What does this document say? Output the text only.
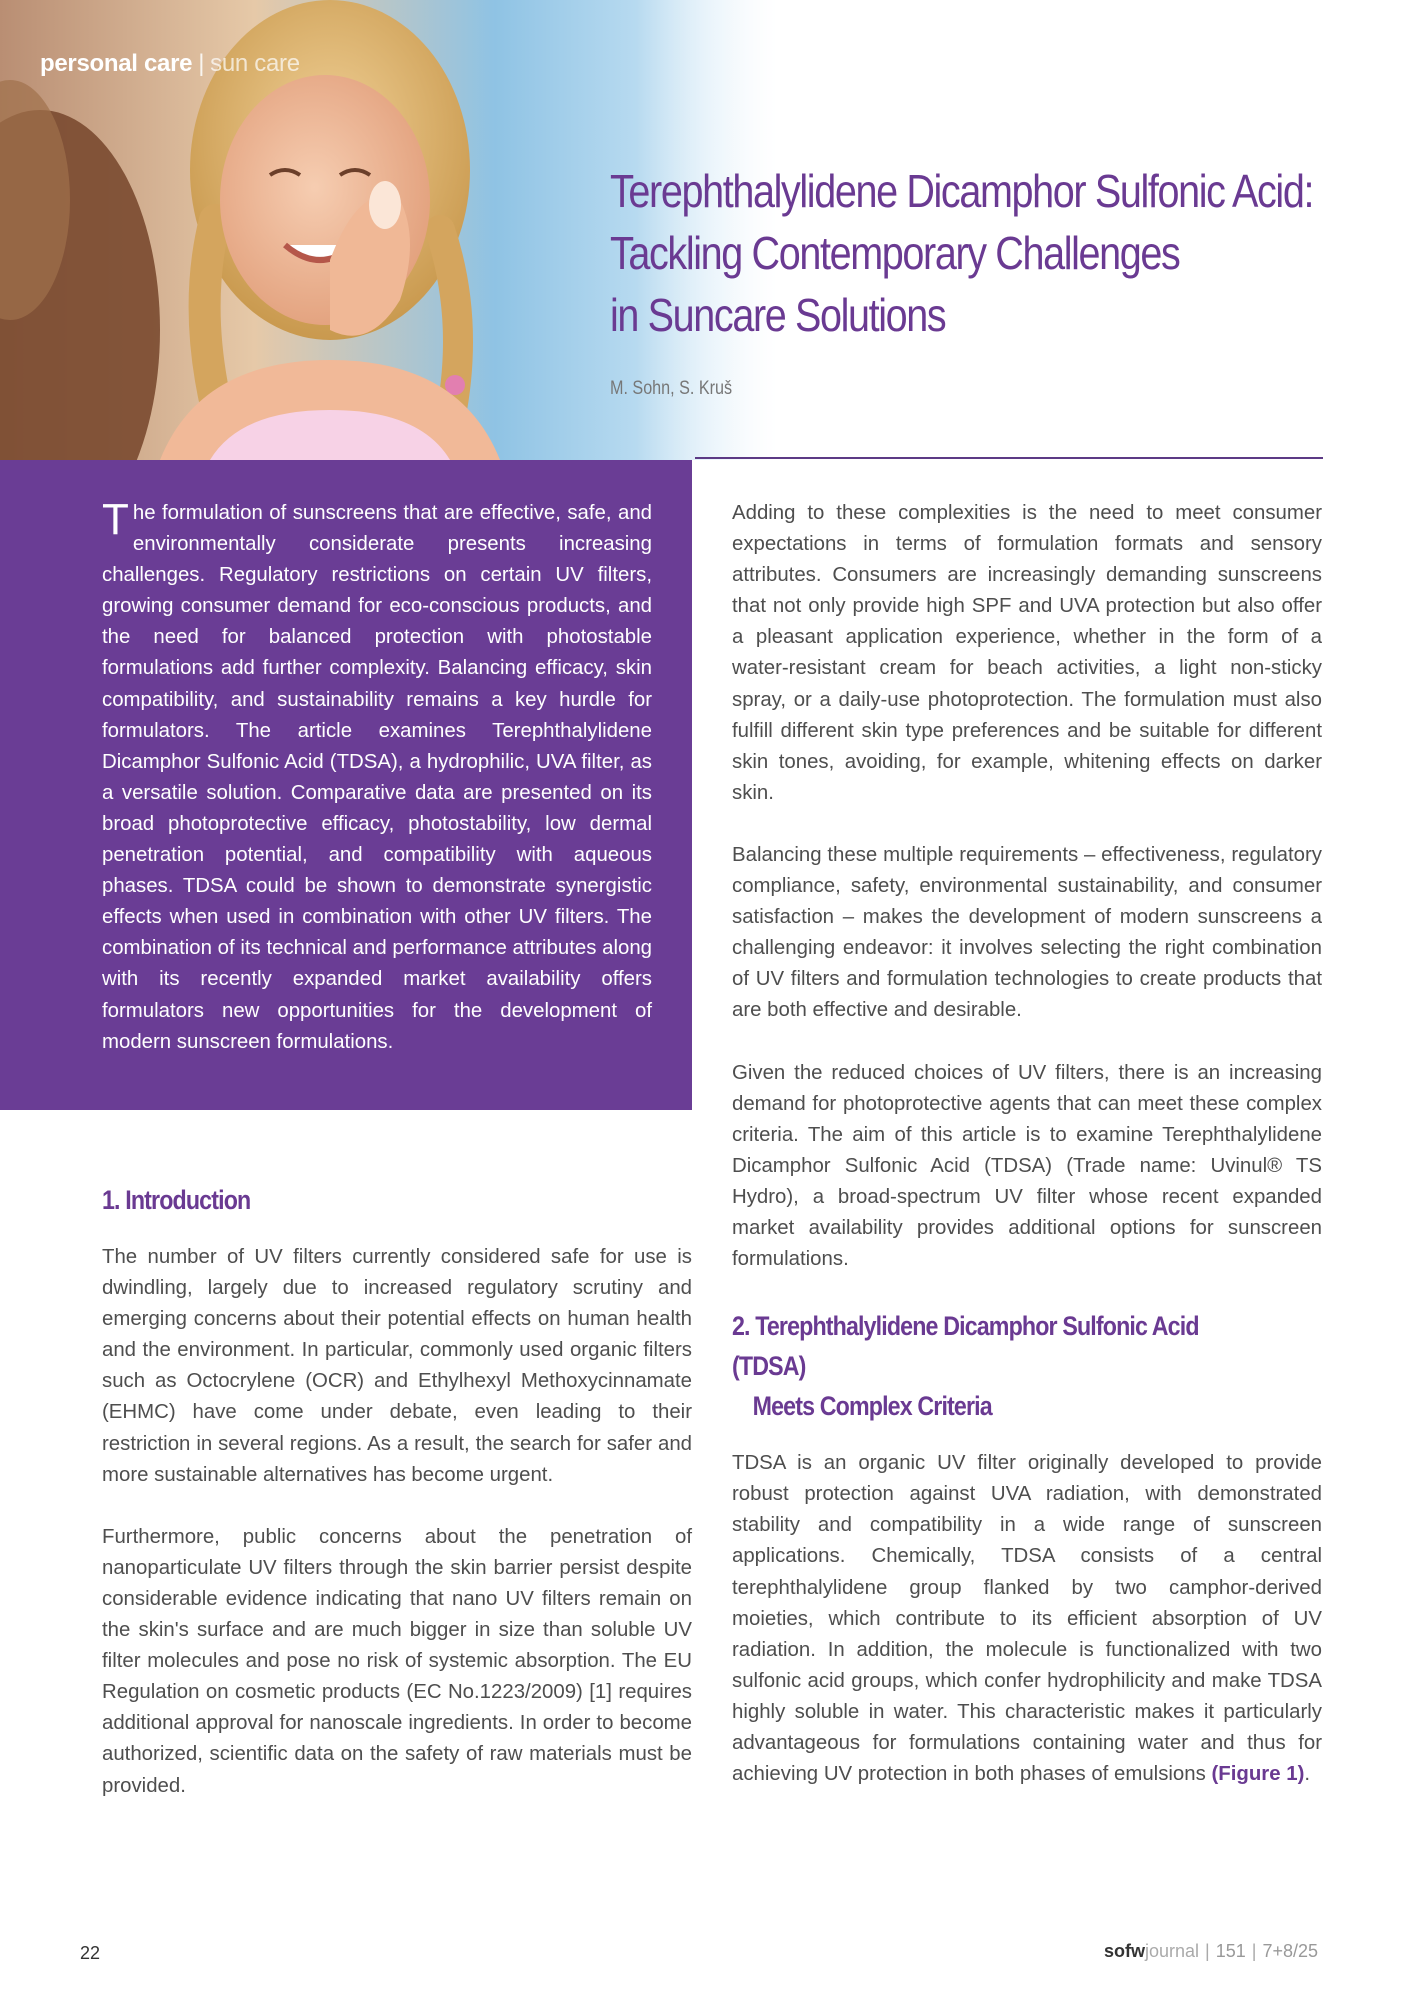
personal care | sun care
Terephthalylidene Dicamphor Sulfonic Acid:
Tackling Contemporary Challenges
in Suncare Solutions
M. Sohn, S. Kruš

The formulation of sunscreens that are effective, safe, and environmentally considerate presents increasing challenges. Regulatory restrictions on certain UV filters, growing consumer demand for eco-conscious products, and the need for balanced protection with photostable formulations add further complexity. Balancing efficacy, skin compatibility, and sustainability remains a key hurdle for formulators. The article examines Terephthalylidene Dicamphor Sulfonic Acid (TDSA), a hydrophilic, UVA filter, as a versatile solution. Comparative data are presented on its broad photoprotective efficacy, photostability, low dermal penetration potential, and compatibility with aqueous phases. TDSA could be shown to demonstrate synergistic effects when used in combination with other UV filters. The combination of its technical and performance attributes along with its recently expanded market availability offers formulators new opportunities for the development of modern sunscreen formulations.

1. Introduction

The number of UV filters currently considered safe for use is dwindling, largely due to increased regulatory scrutiny and emerging concerns about their potential effects on human health and the environment. In particular, commonly used organic filters such as Octocrylene (OCR) and Ethylhexyl Methoxycinnamate (EHMC) have come under debate, even leading to their restriction in several regions. As a result, the search for safer and more sustainable alternatives has become urgent.

Furthermore, public concerns about the penetration of nanoparticulate UV filters through the skin barrier persist despite considerable evidence indicating that nano UV filters remain on the skin's surface and are much bigger in size than soluble UV filter molecules and pose no risk of systemic absorption. The EU Regulation on cosmetic products (EC No.1223/2009) [1] requires additional approval for nanoscale ingredients. In order to become authorized, scientific data on the safety of raw materials must be provided.

Adding to these complexities is the need to meet consumer expectations in terms of formulation formats and sensory attributes. Consumers are increasingly demanding sunscreens that not only provide high SPF and UVA protection but also offer a pleasant application experience, whether in the form of a water-resistant cream for beach activities, a light non-sticky spray, or a daily-use photoprotection. The formulation must also fulfill different skin type preferences and be suitable for different skin tones, avoiding, for example, whitening effects on darker skin.

Balancing these multiple requirements – effectiveness, regulatory compliance, safety, environmental sustainability, and consumer satisfaction – makes the development of modern sunscreens a challenging endeavor: it involves selecting the right combination of UV filters and formulation technologies to create products that are both effective and desirable.

Given the reduced choices of UV filters, there is an increasing demand for photoprotective agents that can meet these complex criteria. The aim of this article is to examine Terephthalylidene Dicamphor Sulfonic Acid (TDSA) (Trade name: Uvinul® TS Hydro), a broad-spectrum UV filter whose recent expanded market availability provides additional options for sunscreen formulations.

2. Terephthalylidene Dicamphor Sulfonic Acid (TDSA)
Meets Complex Criteria

TDSA is an organic UV filter originally developed to provide robust protection against UVA radiation, with demonstrated stability and compatibility in a wide range of sunscreen applications. Chemically, TDSA consists of a central terephthalylidene group flanked by two camphor-derived moieties, which contribute to its efficient absorption of UV radiation. In addition, the molecule is functionalized with two sulfonic acid groups, which confer hydrophilicity and make TDSA highly soluble in water. This characteristic makes it particularly advantageous for formulations containing water and thus for achieving UV protection in both phases of emulsions (Figure 1).

22	sofwjournal | 151 | 7+8/25
